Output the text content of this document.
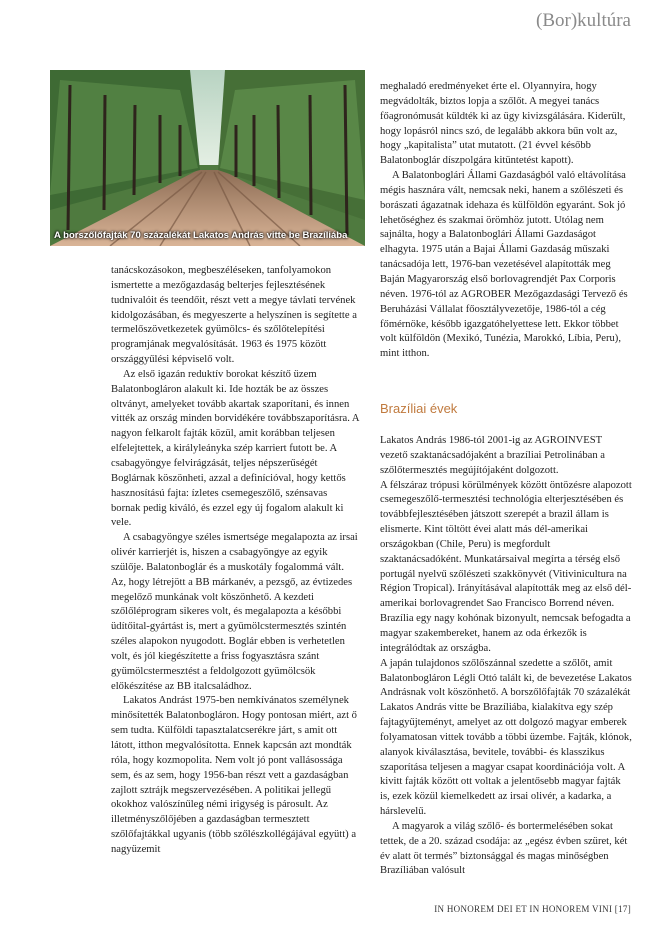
(Bor)kultúra
A borszőlőfajták 70 százalékát Lakatos András vitte be Brazíliába

tanácskozásokon, megbeszéléseken, tanfolyamokon ismertette a mezőgazdaság belterjes fejlesztésének tudnivalóit és teendőit, részt vett a megye távlati tervének kidolgozásában, és megyeszerte a helyszínen is segítette a termelőszövetkezetek gyümölcs- és szőlőtelepítési programjának megvalósítását. 1963 és 1975 között országgyűlési képviselő volt.

Az első igazán reduktív borokat készítő üzem Balatonbogláron alakult ki. Ide hozták be az összes oltványt, amelyeket tovább akartak szaporítani, és innen vitték az ország minden borvidékére továbbszaporításra. A nagyon felkarolt fajták közül, amit korábban teljesen elfelejtettek, a királyleányka szép karriert futott be. A csabagyöngye felvirágzását, teljes népszerűségét Boglárnak köszönheti, azzal a definícióval, hogy kettős hasznosítású fajta: ízletes csemegeszőlő, szénsavas bornak pedig kiváló, és ezzel egy új fogalom alakult ki vele.

A csabagyöngye széles ismertsége megalapozta az irsai olivér karrierjét is, hiszen a csabagyöngye az egyik szülője. Balatonboglár és a muskotály fogalommá vált. Az, hogy létrejött a BB márkanév, a pezsgő, az évtizedes megelőző munkának volt köszönhető. A kezdeti szőlőléprogram sikeres volt, és megalapozta a későbbi üdítőital-gyártást is, mert a gyümölcstermesztés szintén széles alapokon nyugodott. Boglár ebben is verhetetlen volt, és jól kiegészítette a friss fogyasztásra szánt gyümölcstermesztést a feldolgozott gyümölcsök előkészítése az BB italcsaládhoz.

Lakatos Andrást 1975-ben nemkívánatos személynek minősítették Balatonbogláron. Hogy pontosan miért, azt ő sem tudta. Külföldi tapasztalatcserékre járt, s amit ott látott, itthon megvalósította. Ennek kapcsán azt mondták róla, hogy kozmopolita. Nem volt jó pont vallásossága sem, és az sem, hogy 1956-ban részt vett a gazdaságban zajlott sztrájk megszervezésében. A politikai jellegű okokhoz valószínűleg némi irigység is párosult. Az illetményszőlőjében a gazdaságban termesztett szőlőfajtákkal ugyanis (több szőlészkollégájával együtt) a nagyüzemit

meghaladó eredményeket érte el. Olyannyira, hogy megvádolták, biztos lopja a szőlőt. A megyei tanács főagronómusát küldték ki az ügy kivizsgálására. Kiderült, hogy lopásról nincs szó, de legalább akkora bűn volt az, hogy „kapitalista” utat mutatott. (21 évvel később Balatonboglár díszpolgára kitüntetést kapott).

A Balatonboglári Állami Gazdaságból való eltávolítása mégis hasznára vált, nemcsak neki, hanem a szőlészeti és borászati ágazatnak idehaza és külföldön egyaránt. Sok jó lehetőséghez és szakmai örömhöz jutott. Utólag nem sajnálta, hogy a Balatonboglári Állami Gazdaságot elhagyta. 1975 után a Bajai Állami Gazdaság műszaki tanácsadója lett, 1976-ban vezetésével alapították meg Baján Magyarország első borlovagrendjét Pax Corporis néven. 1976-tól az AGROBER Mezőgazdasági Tervező és Beruházási Vállalat főosztályvezetője, 1986-tól a cég főmérnöke, később igazgatóhelyettese lett. Ekkor többet volt külföldön (Mexikó, Tunézia, Marokkó, Líbia, Peru), mint itthon.

Brazíliai évek

Lakatos András 1986-tól 2001-ig az AGROINVEST vezető szaktanácsadójaként a brazíliai Petrolinában a szőlőtermesztés megújítójaként dolgozott.

A félszáraz trópusi körülmények között öntözésre alapozott csemegeszőlő-termesztési technológia elterjesztésében és továbbfejlesztésében játszott szerepét a brazil állam is elismerte. Kint töltött évei alatt más dél-amerikai országokban (Chile, Peru) is megfordult szaktanácsadóként. Munkatársaival megírta a térség első portugál nyelvű szőlészeti szakkönyvét (Vitivinicultura na Région Tropical). Irányításával alapították meg az első dél-amerikai borlovagrendet Sao Francisco Borrend néven.

Brazília egy nagy kohónak bizonyult, nemcsak befogadta a magyar szakembereket, hanem az oda érkezők is integrálódtak az országba.

A japán tulajdonos szőlőszánnal szedette a szőlőt, amit Balatonbogláron Légli Ottó talált ki, de bevezetése Lakatos Andrásnak volt köszönhető. A borszőlőfajták 70 százalékát Lakatos András vitte be Brazíliába, kialakítva egy szép fajtagyűjteményt, amelyet az ott dolgozó magyar emberek folyamatosan vittek tovább a többi üzembe. Fajták, klónok, alanyok kiválasztása, bevitele, további- és klasszikus szaporítása teljesen a magyar csapat koordinációja volt. A kivitt fajták között ott voltak a jelentősebb magyar fajták is, ezek közül kiemelkedett az irsai olivér, a kadarka, a hárslevelű.

A magyarok a világ szőlő- és bortermelésében sokat tettek, de a 20. század csodája: az „egész évben szüret, két év alatt öt termés” biztonsággal és magas minőségben Brazíliában valósult

IN HONOREM DEI ET IN HONOREM VINI [17]
